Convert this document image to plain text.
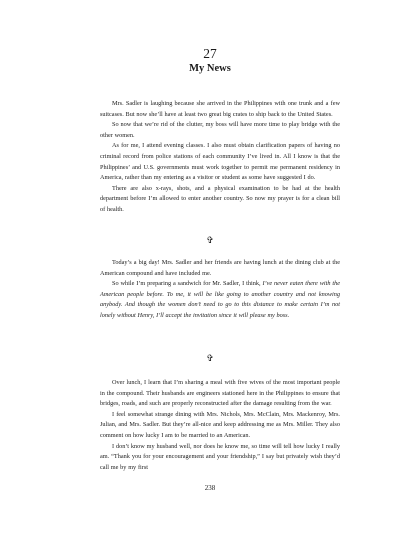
27
My News

Mrs. Sadler is laughing because she arrived in the Philippines with one trunk and a few suitcases. But now she’ll have at least two great big crates to ship back to the United States.

So now that we’re rid of the clutter, my boss will have more time to play bridge with the other women.

As for me, I attend evening classes. I also must obtain clarification papers of having no criminal record from police stations of each community I’ve lived in. All I know is that the Philippines’ and U.S. governments must work together to permit me permanent residency in America, rather than my entering as a visitor or student as some have suggested I do.

There are also x-rays, shots, and a physical examination to be had at the health department before I’m allowed to enter another country. So now my prayer is for a clean bill of health.

✞

Today’s a big day! Mrs. Sadler and her friends are having lunch at the dining club at the American compound and have included me.

So while I’m preparing a sandwich for Mr. Sadler, I think, I’ve never eaten there with the American people before. To me, it will be like going to another country and not knowing anybody. And though the women don’t need to go to this distance to make certain I’m not lonely without Henry, I’ll accept the invitation since it will please my boss.

✞

Over lunch, I learn that I’m sharing a meal with five wives of the most important people in the compound. Their husbands are engineers stationed here in the Philippines to ensure that bridges, roads, and such are properly reconstructed after the damage resulting from the war.

I feel somewhat strange dining with Mrs. Nichols, Mrs. McClain, Mrs. Mackenroy, Mrs. Julian, and Mrs. Sadler. But they’re all-nice and keep addressing me as Mrs. Miller. They also comment on how lucky I am to be married to an American.

I don’t know my husband well, nor does he know me, so time will tell how lucky I really am. “Thank you for your encouragement and your friendship,” I say but privately wish they’d call me by my first

238
